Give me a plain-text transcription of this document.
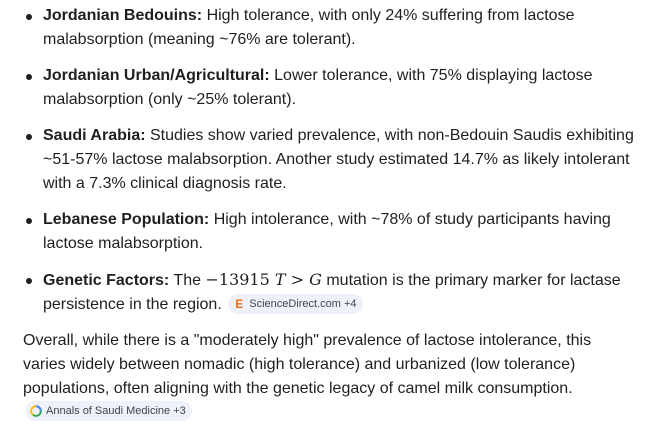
Jordanian Bedouins: High tolerance, with only 24% suffering from lactose malabsorption (meaning ~76% are tolerant).
Jordanian Urban/Agricultural: Lower tolerance, with 75% displaying lactose malabsorption (only ~25% tolerant).
Saudi Arabia: Studies show varied prevalence, with non-Bedouin Saudis exhibiting ~51-57% lactose malabsorption. Another study estimated 14.7% as likely intolerant with a 7.3% clinical diagnosis rate.
Lebanese Population: High intolerance, with ~78% of study participants having lactose malabsorption.
Genetic Factors: The −13915 T > G mutation is the primary marker for lactase persistence in the region. E ScienceDirect.com +4

Overall, while there is a "moderately high" prevalence of lactose intolerance, this varies widely between nomadic (high tolerance) and urbanized (low tolerance) populations, often aligning with the genetic legacy of camel milk consumption.
Annals of Saudi Medicine +3
